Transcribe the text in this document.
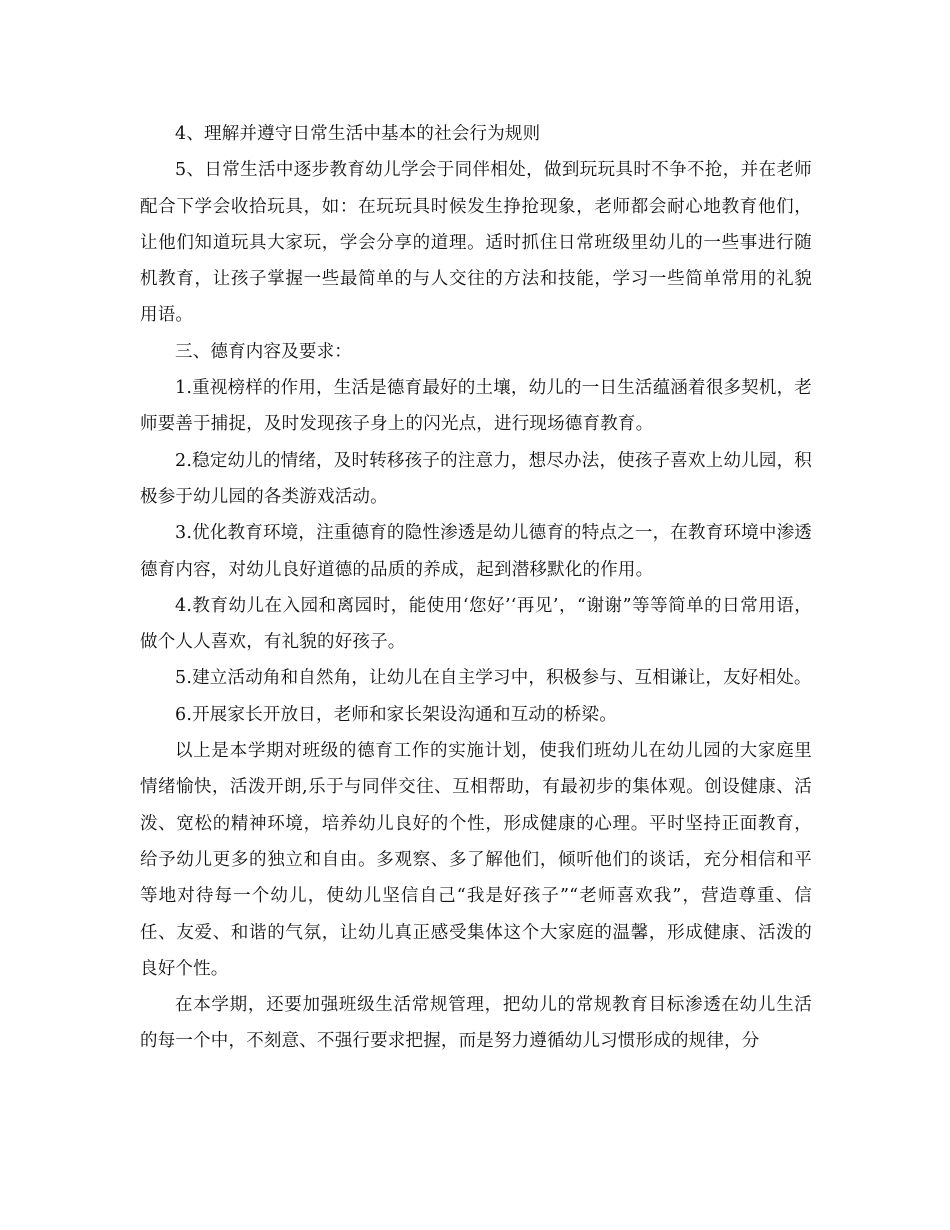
4、理解并遵守日常生活中基本的社会行为规则

5、日常生活中逐步教育幼儿学会于同伴相处，做到玩玩具时不争不抢，并在老师配合下学会收拾玩具，如：在玩玩具时候发生挣抢现象，老师都会耐心地教育他们，让他们知道玩具大家玩，学会分享的道理。适时抓住日常班级里幼儿的一些事进行随机教育，让孩子掌握一些最简单的与人交往的方法和技能，学习一些简单常用的礼貌用语。

三、德育内容及要求：

1.重视榜样的作用，生活是德育最好的土壤，幼儿的一日生活蕴涵着很多契机，老师要善于捕捉，及时发现孩子身上的闪光点，进行现场德育教育。

2.稳定幼儿的情绪，及时转移孩子的注意力，想尽办法，使孩子喜欢上幼儿园，积极参于幼儿园的各类游戏活动。

3.优化教育环境，注重德育的隐性渗透是幼儿德育的特点之一，在教育环境中渗透德育内容，对幼儿良好道德的品质的养成，起到潜移默化的作用。

4.教育幼儿在入园和离园时，能使用‘您好’‘再见’，“谢谢”等等简单的日常用语，做个人人喜欢，有礼貌的好孩子。

5.建立活动角和自然角，让幼儿在自主学习中，积极参与、互相谦让，友好相处。

6.开展家长开放日，老师和家长架设沟通和互动的桥梁。

以上是本学期对班级的德育工作的实施计划，使我们班幼儿在幼儿园的大家庭里情绪愉快，活泼开朗,乐于与同伴交往、互相帮助，有最初步的集体观。创设健康、活泼、宽松的精神环境，培养幼儿良好的个性，形成健康的心理。平时坚持正面教育，给予幼儿更多的独立和自由。多观察、多了解他们，倾听他们的谈话，充分相信和平等地对待每一个幼儿，使幼儿坚信自己“我是好孩子”“老师喜欢我”，营造尊重、信任、友爱、和谐的气氛，让幼儿真正感受集体这个大家庭的温馨，形成健康、活泼的良好个性。

在本学期，还要加强班级生活常规管理，把幼儿的常规教育目标渗透在幼儿生活的每一个中，不刻意、不强行要求把握，而是努力遵循幼儿习惯形成的规律，分
